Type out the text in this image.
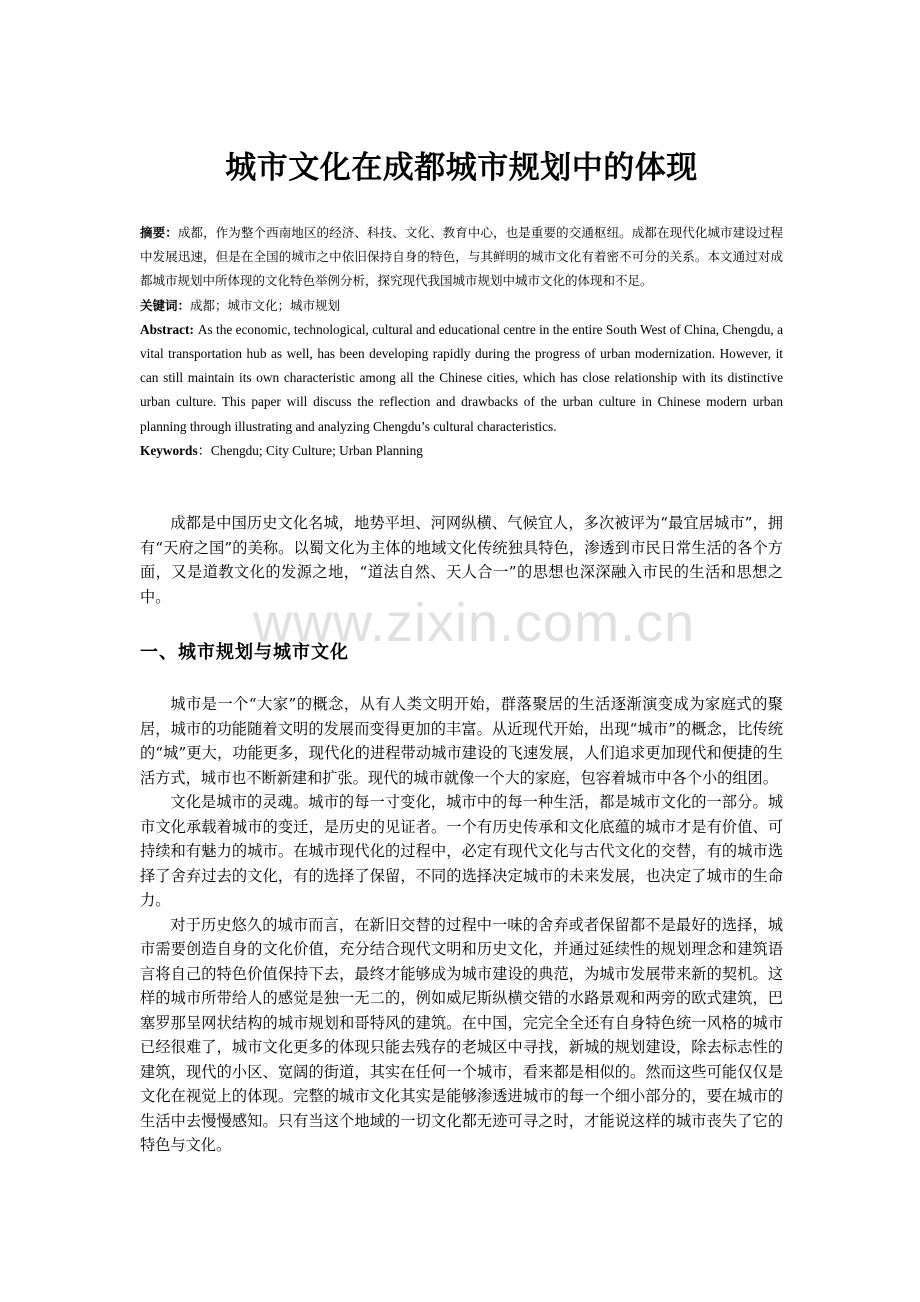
城市文化在成都城市规划中的体现

摘要：成都，作为整个西南地区的经济、科技、文化、教育中心，也是重要的交通枢纽。成都在现代化城市建设过程中发展迅速，但是在全国的城市之中依旧保持自身的特色，与其鲜明的城市文化有着密不可分的关系。本文通过对成都城市规划中所体现的文化特色举例分析，探究现代我国城市规划中城市文化的体现和不足。

关键词：成都；城市文化；城市规划

Abstract: As the economic, technological, cultural and educational centre in the entire South West of China, Chengdu, a vital transportation hub as well, has been developing rapidly during the progress of urban modernization. However, it can still maintain its own characteristic among all the Chinese cities, which has close relationship with its distinctive urban culture. This paper will discuss the reflection and drawbacks of the urban culture in Chinese modern urban planning through illustrating and analyzing Chengdu’s cultural characteristics.

Keywords：Chengdu; City Culture; Urban Planning

成都是中国历史文化名城，地势平坦、河网纵横、气候宜人，多次被评为“最宜居城市”，拥有“天府之国”的美称。以蜀文化为主体的地域文化传统独具特色，渗透到市民日常生活的各个方面，又是道教文化的发源之地，“道法自然、天人合一”的思想也深深融入市民的生活和思想之中。

一、城市规划与城市文化

城市是一个“大家”的概念，从有人类文明开始，群落聚居的生活逐渐演变成为家庭式的聚居，城市的功能随着文明的发展而变得更加的丰富。从近现代开始，出现“城市”的概念，比传统的“城”更大，功能更多，现代化的进程带动城市建设的飞速发展，人们追求更加现代和便捷的生活方式，城市也不断新建和扩张。现代的城市就像一个大的家庭，包容着城市中各个小的组团。

文化是城市的灵魂。城市的每一寸变化，城市中的每一种生活，都是城市文化的一部分。城市文化承载着城市的变迁，是历史的见证者。一个有历史传承和文化底蕴的城市才是有价值、可持续和有魅力的城市。在城市现代化的过程中，必定有现代文化与古代文化的交替，有的城市选择了舍弃过去的文化，有的选择了保留，不同的选择决定城市的未来发展，也决定了城市的生命力。

对于历史悠久的城市而言，在新旧交替的过程中一味的舍弃或者保留都不是最好的选择，城市需要创造自身的文化价值，充分结合现代文明和历史文化，并通过延续性的规划理念和建筑语言将自己的特色价值保持下去，最终才能够成为城市建设的典范，为城市发展带来新的契机。这样的城市所带给人的感觉是独一无二的，例如威尼斯纵横交错的水路景观和两旁的欧式建筑，巴塞罗那呈网状结构的城市规划和哥特风的建筑。在中国，完完全全还有自身特色统一风格的城市已经很难了，城市文化更多的体现只能去残存的老城区中寻找，新城的规划建设，除去标志性的建筑，现代的小区、宽阔的街道，其实在任何一个城市，看来都是相似的。然而这些可能仅仅是文化在视觉上的体现。完整的城市文化其实是能够渗透进城市的每一个细小部分的，要在城市的生活中去慢慢感知。只有当这个地域的一切文化都无迹可寻之时，才能说这样的城市丧失了它的特色与文化。

www.zixin.com.cn
